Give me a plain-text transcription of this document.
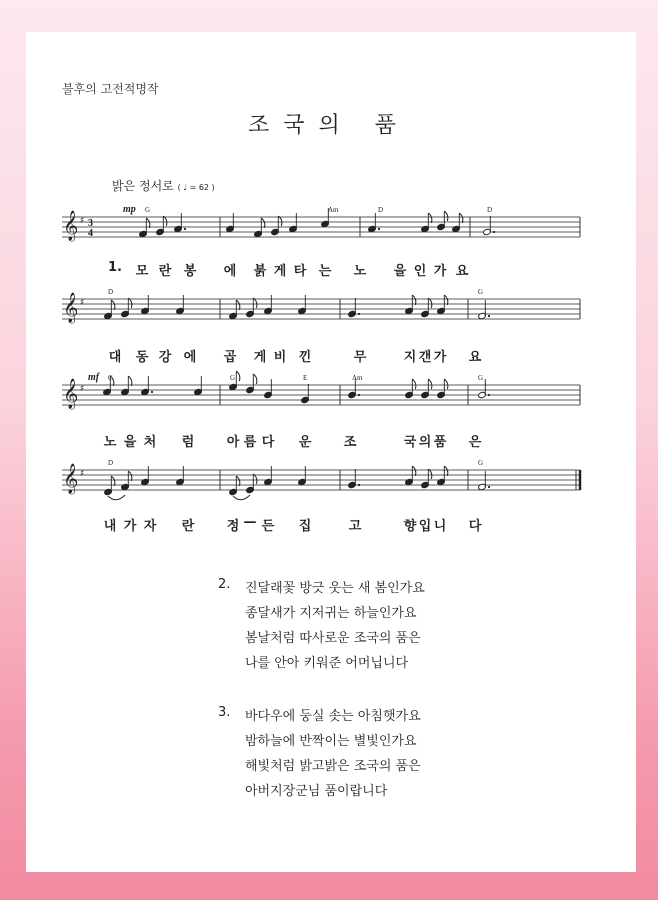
불후의 고전적명작
조국의 품
밝은 정서로 ( ♩ = 62 )
𝄞 ♯
G	Am	D	D
𝄞 ♯
D	G
𝄞 ♯
C	G	E	Am	G
𝄞 ♯
D	G
3
4
mp
mf
1. 모 란 봉 에 붉 게 타 는 노 을 인 가 요
대 동 강 에 곱 게 비 낀	무	지 갠 가 요
노 을 처 럼 아 름 다 운 조	국 의 품 은
내 가 자 란 정 — 든 집	고	향 입 니 다
2. 진달래꽃 방긋 웃는 새 봄인가요
종달새가 지저귀는 하늘인가요
봄날처럼 따사로운 조국의 품은
나를 안아 키워준 어머닙니다
3. 바다우에 둥실 솟는 아침햇가요
밤하늘에 반짝이는 별빛인가요
해빛처럼 밝고밝은 조국의 품은
아버지장군님 품이랍니다
